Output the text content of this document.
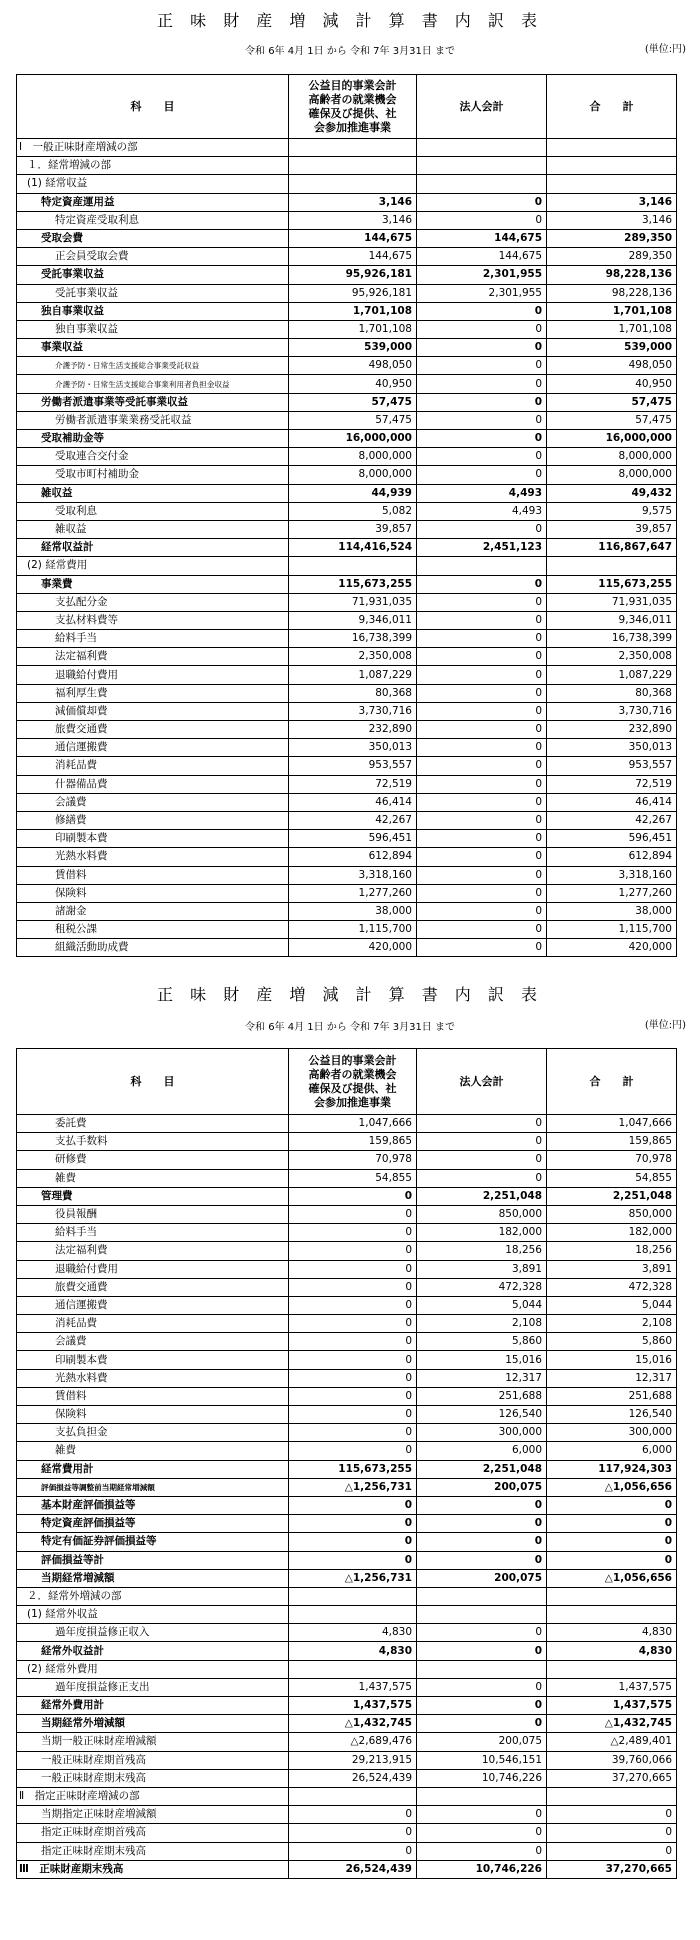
正 味 財 産 増 減 計 算 書 内 訳 表
令和 6年 4月 1日 から 令和 7年 3月31日 まで	(単位:円)
科　　目	公益目的事業会計
高齢者の就業機会
確保及び提供、社
会参加推進事業	法人会計	合　　計
Ⅰ　一般正味財産増減の部			
１．経常増減の部			
(1) 経常収益			
特定資産運用益	3,146	0	3,146
特定資産受取利息	3,146	0	3,146
受取会費	144,675	144,675	289,350
正会員受取会費	144,675	144,675	289,350
受託事業収益	95,926,181	2,301,955	98,228,136
受託事業収益	95,926,181	2,301,955	98,228,136
独自事業収益	1,701,108	0	1,701,108
独自事業収益	1,701,108	0	1,701,108
事業収益	539,000	0	539,000
介護予防・日常生活支援総合事業受託収益	498,050	0	498,050
介護予防・日常生活支援総合事業利用者負担金収益	40,950	0	40,950
労働者派遣事業等受託事業収益	57,475	0	57,475
労働者派遣事業業務受託収益	57,475	0	57,475
受取補助金等	16,000,000	0	16,000,000
受取連合交付金	8,000,000	0	8,000,000
受取市町村補助金	8,000,000	0	8,000,000
雑収益	44,939	4,493	49,432
受取利息	5,082	4,493	9,575
雑収益	39,857	0	39,857
経常収益計	114,416,524	2,451,123	116,867,647
(2) 経常費用			
事業費	115,673,255	0	115,673,255
支払配分金	71,931,035	0	71,931,035
支払材料費等	9,346,011	0	9,346,011
給料手当	16,738,399	0	16,738,399
法定福利費	2,350,008	0	2,350,008
退職給付費用	1,087,229	0	1,087,229
福利厚生費	80,368	0	80,368
減価償却費	3,730,716	0	3,730,716
旅費交通費	232,890	0	232,890
通信運搬費	350,013	0	350,013
消耗品費	953,557	0	953,557
什器備品費	72,519	0	72,519
会議費	46,414	0	46,414
修繕費	42,267	0	42,267
印刷製本費	596,451	0	596,451
光熱水料費	612,894	0	612,894
賃借料	3,318,160	0	3,318,160
保険料	1,277,260	0	1,277,260
諸謝金	38,000	0	38,000
租税公課	1,115,700	0	1,115,700
組織活動助成費	420,000	0	420,000
正 味 財 産 増 減 計 算 書 内 訳 表
令和 6年 4月 1日 から 令和 7年 3月31日 まで	(単位:円)
科　　目	公益目的事業会計
高齢者の就業機会
確保及び提供、社
会参加推進事業	法人会計	合　　計
委託費	1,047,666	0	1,047,666
支払手数料	159,865	0	159,865
研修費	70,978	0	70,978
雑費	54,855	0	54,855
管理費	0	2,251,048	2,251,048
役員報酬	0	850,000	850,000
給料手当	0	182,000	182,000
法定福利費	0	18,256	18,256
退職給付費用	0	3,891	3,891
旅費交通費	0	472,328	472,328
通信運搬費	0	5,044	5,044
消耗品費	0	2,108	2,108
会議費	0	5,860	5,860
印刷製本費	0	15,016	15,016
光熱水料費	0	12,317	12,317
賃借料	0	251,688	251,688
保険料	0	126,540	126,540
支払負担金	0	300,000	300,000
雑費	0	6,000	6,000
経常費用計	115,673,255	2,251,048	117,924,303
評価損益等調整前当期経常増減額	△1,256,731	200,075	△1,056,656
基本財産評価損益等	0	0	0
特定資産評価損益等	0	0	0
特定有価証券評価損益等	0	0	0
評価損益等計	0	0	0
当期経常増減額	△1,256,731	200,075	△1,056,656
２．経常外増減の部			
(1) 経常外収益			
過年度損益修正収入	4,830	0	4,830
経常外収益計	4,830	0	4,830
(2) 経常外費用			
過年度損益修正支出	1,437,575	0	1,437,575
経常外費用計	1,437,575	0	1,437,575
当期経常外増減額	△1,432,745	0	△1,432,745
当期一般正味財産増減額	△2,689,476	200,075	△2,489,401
一般正味財産期首残高	29,213,915	10,546,151	39,760,066
一般正味財産期末残高	26,524,439	10,746,226	37,270,665
Ⅱ　指定正味財産増減の部			
当期指定正味財産増減額	0	0	0
指定正味財産期首残高	0	0	0
指定正味財産期末残高	0	0	0
Ⅲ　正味財産期末残高	26,524,439	10,746,226	37,270,665
